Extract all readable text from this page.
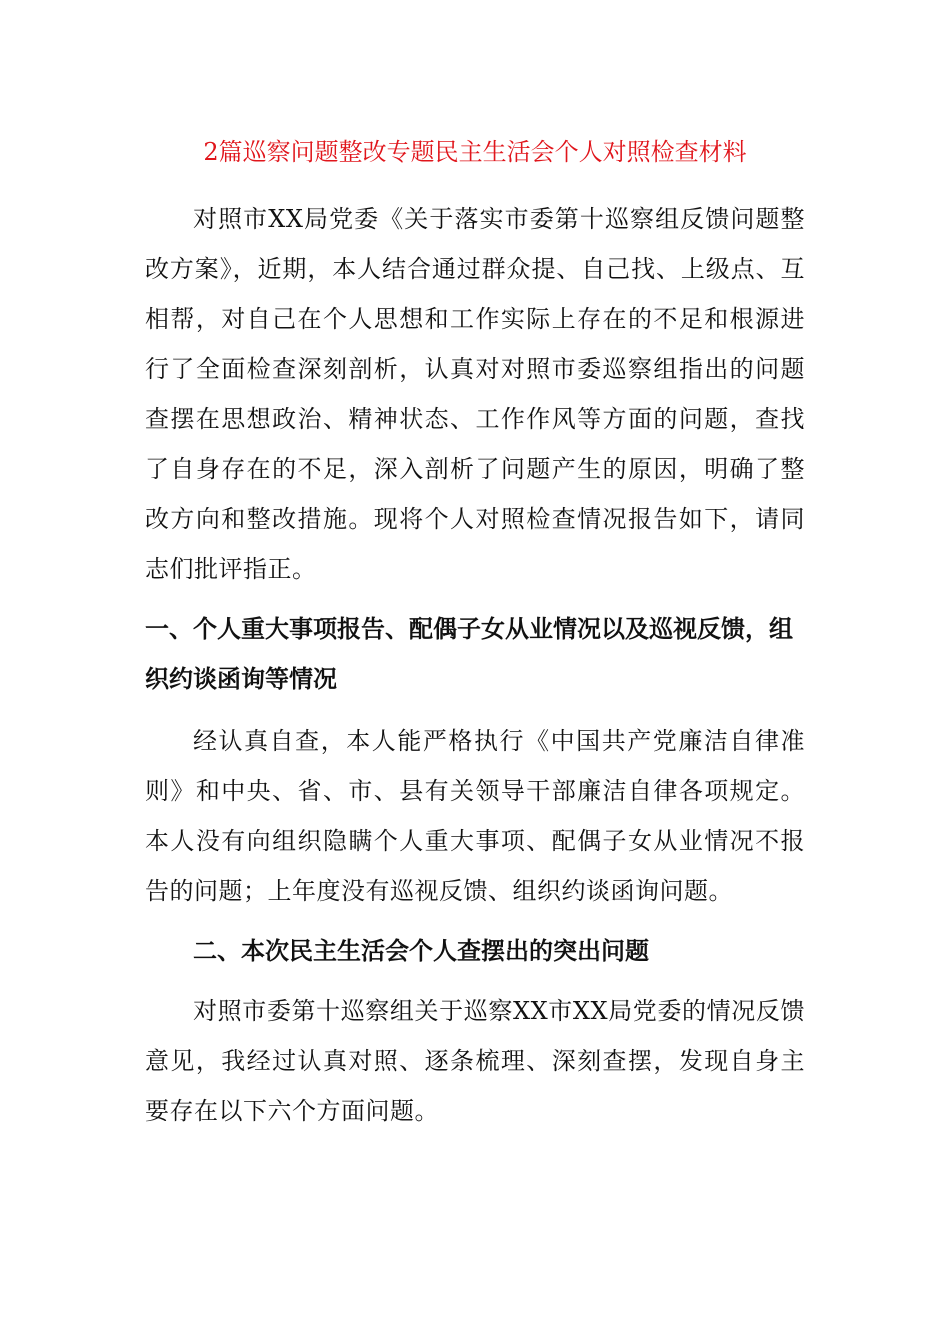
2篇巡察问题整改专题民主生活会个人对照检查材料

对照市XX局党委《关于落实市委第十巡察组反馈问题整改方案》，近期，本人结合通过群众提、自己找、上级点、互相帮，对自己在个人思想和工作实际上存在的不足和根源进行了全面检查深刻剖析，认真对对照市委巡察组指出的问题查摆在思想政治、精神状态、工作作风等方面的问题，查找了自身存在的不足，深入剖析了问题产生的原因，明确了整改方向和整改措施。现将个人对照检查情况报告如下，请同志们批评指正。

一、个人重大事项报告、配偶子女从业情况以及巡视反馈，组织约谈函询等情况

经认真自查，本人能严格执行《中国共产党廉洁自律准则》和中央、省、市、县有关领导干部廉洁自律各项规定。本人没有向组织隐瞒个人重大事项、配偶子女从业情况不报告的问题；上年度没有巡视反馈、组织约谈函询问题。

二、本次民主生活会个人查摆出的突出问题

对照市委第十巡察组关于巡察XX市XX局党委的情况反馈意见，我经过认真对照、逐条梳理、深刻查摆，发现自身主要存在以下六个方面问题。
